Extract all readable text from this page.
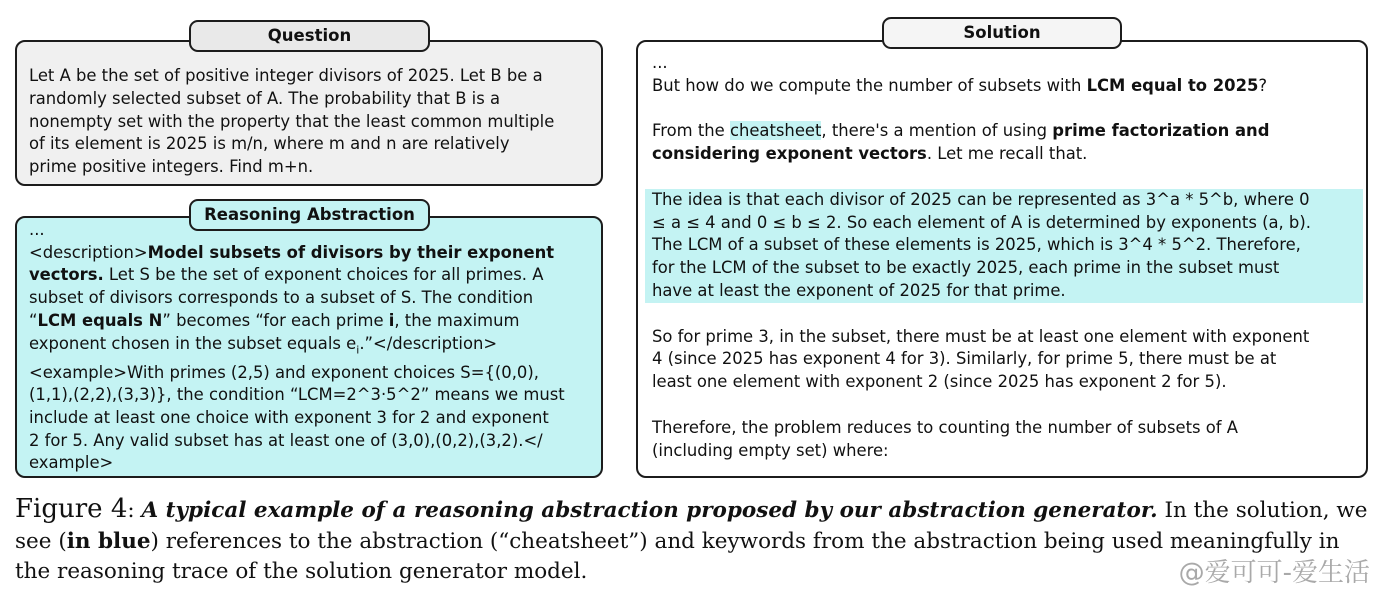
Let A be the set of positive integer divisors of 2025. Let B be a
randomly selected subset of A. The probability that B is a
nonempty set with the property that the least common multiple
of its element is 2025 is m/n, where m and n are relatively
prime positive integers. Find m+n.
Question
...
<description>Model subsets of divisors by their exponent
vectors. Let S be the set of exponent choices for all primes. A
subset of divisors corresponds to a subset of S. The condition
“LCM equals N” becomes “for each prime i, the maximum
exponent chosen in the subset equals $e_i.”</description>$
<example>With primes (2,5) and exponent choices S={(0,0),
(1,1),(2,2),(3,3)}, the condition “LCM=2^3·5^2” means we must
include at least one choice with exponent 3 for 2 and exponent
2 for 5. Any valid subset has at least one of (3,0),(0,2),(3,2).</
example>
Reasoning Abstraction
...
But how do we compute the number of subsets with LCM equal to 2025?
From the cheatsheet, there's a mention of using prime factorization and
considering exponent vectors. Let me recall that.
The idea is that each divisor of 2025 can be represented as 3^a * 5^b, where 0
≤ a ≤ 4 and 0 ≤ b ≤ 2. So each element of A is determined by exponents (a, b).
The LCM of a subset of these elements is 2025, which is 3^4 * 5^2. Therefore,
for the LCM of the subset to be exactly 2025, each prime in the subset must
have at least the exponent of 2025 for that prime.
So for prime 3, in the subset, there must be at least one element with exponent
4 (since 2025 has exponent 4 for 3). Similarly, for prime 5, there must be at
least one element with exponent 2 (since 2025 has exponent 2 for 5).
Therefore, the problem reduces to counting the number of subsets of A
(including empty set) where:
Solution
Figure 4: A typical example of a reasoning abstraction proposed by our abstraction generator. In the solution, we see (in blue) references to the abstraction (“cheatsheet”) and keywords from the abstraction being used meaningfully in the reasoning trace of the solution generator model.	@爱可可-爱生活
